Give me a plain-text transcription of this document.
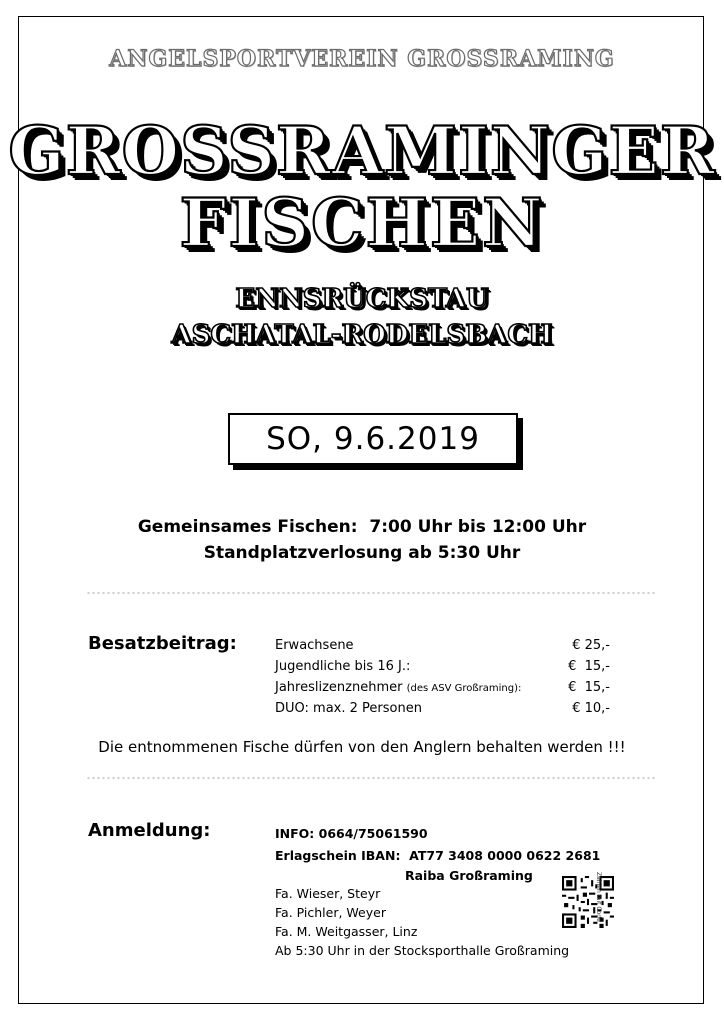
ANGELSPORTVEREIN GROSSRAMING
GROSSRAMINGER
FISCHEN
ENNSRÜCKSTAU
ASCHATAL-RODELSBACH
SO, 9.6.2019
Gemeinsames Fischen:  7:00 Uhr bis 12:00 Uhr
Standplatzverlosung ab 5:30 Uhr
Besatzbeitrag:	Erwachsene	€ 25,-
Jugendliche bis 16 J.:	€  15,-
Jahreslizenznehmer (des ASV Großraming):	€  15,-
DUO: max. 2 Personen	€ 10,-
Die entnommenen Fische dürfen von den Anglern behalten werden !!!
Anmeldung:	INFO: 0664/75061590
Erlagschein IBAN:  AT77 3408 0000 0622 2681
Raiba Großraming
Fa. Wieser, Steyr
Fa. Pichler, Weyer
Fa. M. Weitgasser, Linz
Ab 5:30 Uhr in der Stocksporthalle Großraming
Zahlen mit Code
